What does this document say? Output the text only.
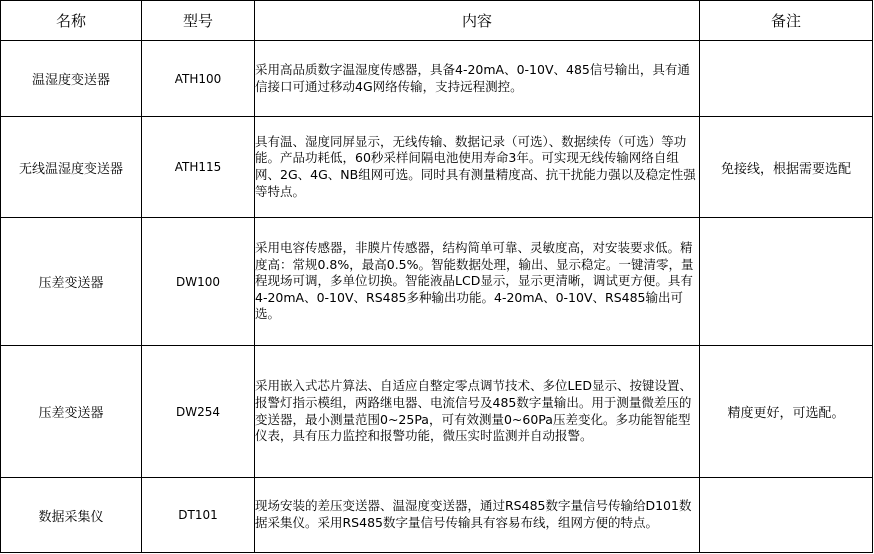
名称	型号	内容	备注
温湿度变送器	ATH100	采用高品质数字温湿度传感器，具备4-20mA、0-10V、485信号输出，具有通信接口可通过移动4G网络传输，支持远程测控。	
无线温湿度变送器	ATH115	具有温、湿度同屏显示，无线传输、数据记录（可选）、数据续传（可选）等功能。产品功耗低，60秒采样间隔电池使用寿命3年。可实现无线传输网络自组网、2G、4G、NB组网可选。同时具有测量精度高、抗干扰能力强以及稳定性强等特点。	免接线，根据需要选配
压差变送器	DW100	采用电容传感器，非膜片传感器，结构简单可靠、灵敏度高，对安装要求低。精度高：常规0.8%，最高0.5%。智能数据处理，输出、显示稳定。一键清零，量程现场可调，多单位切换。智能液晶LCD显示，显示更清晰，调试更方便。具有4-20mA、0-10V、RS485多种输出功能。4-20mA、0-10V、RS485输出可选。	
压差变送器	DW254	采用嵌入式芯片算法、自适应自整定零点调节技术、多位LED显示、按键设置、报警灯指示模组，两路继电器、电流信号及485数字量输出。用于测量微差压的变送器，最小测量范围0~25Pa，可有效测量0~60Pa压差变化。多功能智能型仪表，具有压力监控和报警功能，微压实时监测并自动报警。	精度更好，可选配。
数据采集仪	DT101	现场安装的差压变送器、温湿度变送器，通过RS485数字量信号传输给D101数据采集仪。采用RS485数字量信号传输具有容易布线，组网方便的特点。	
